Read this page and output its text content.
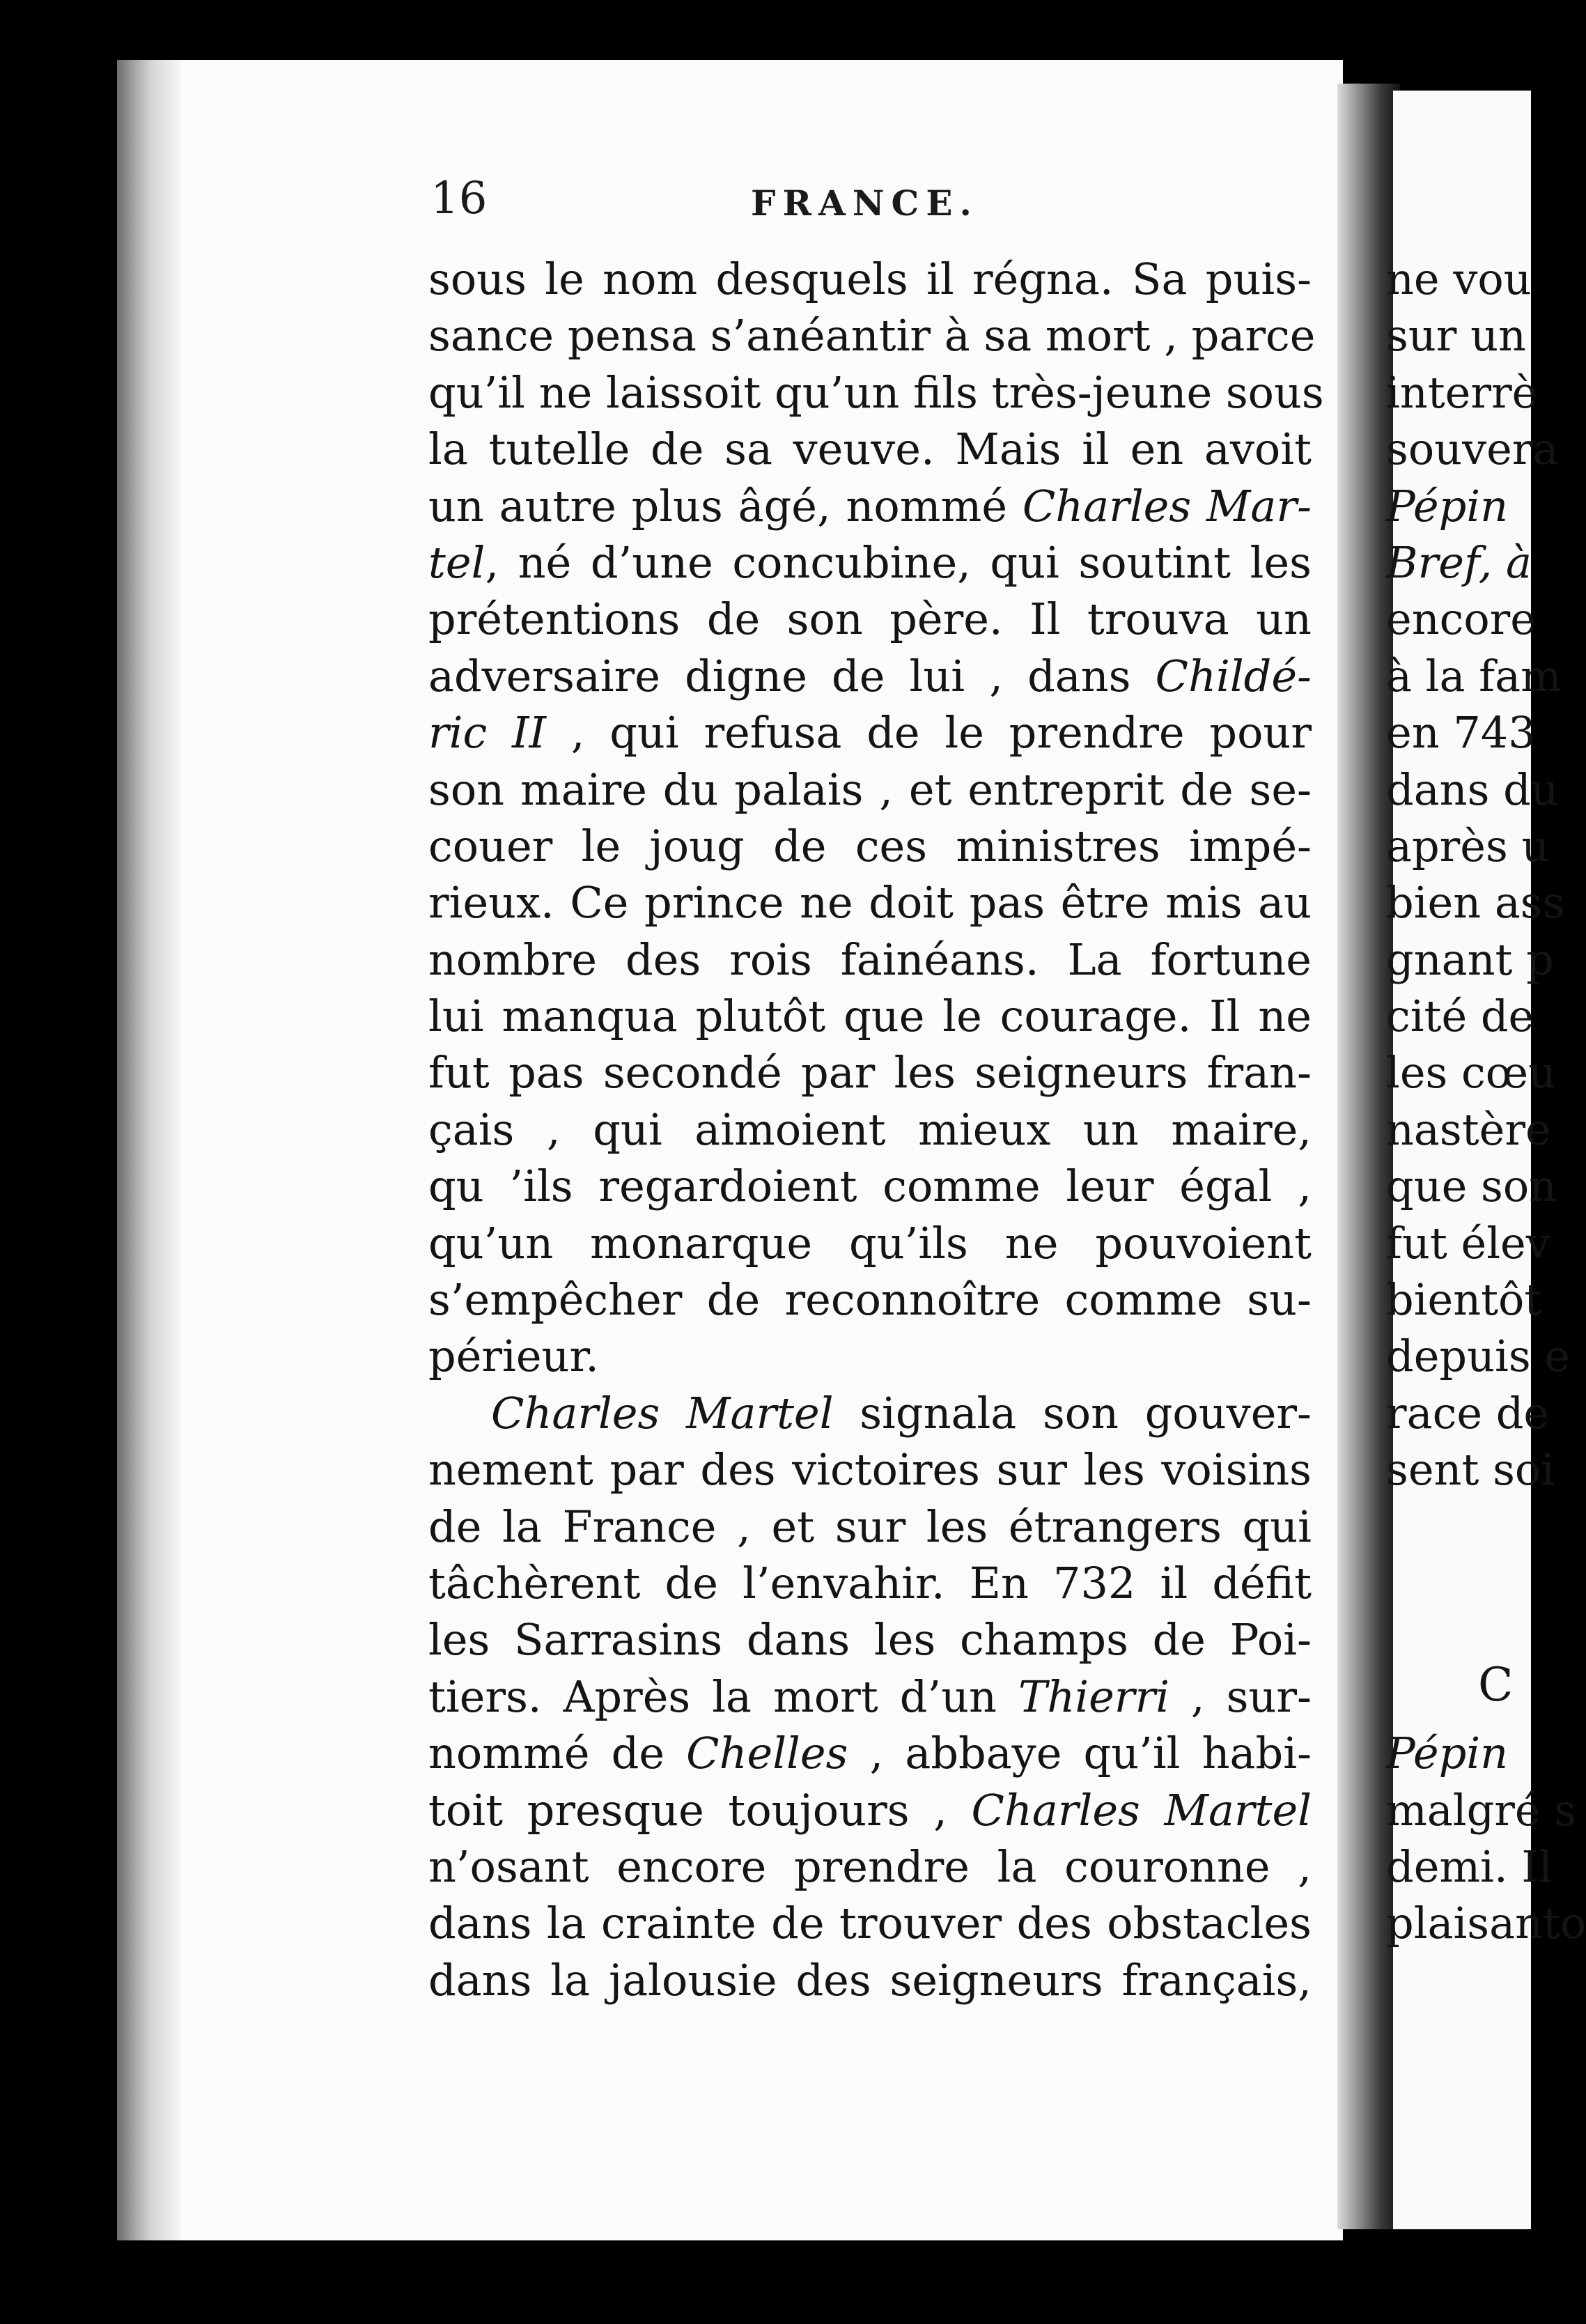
16	FRANCE.
sous le nom desquels il régna. Sa puis-
sance pensa s’anéantir à sa mort , parce
qu’il ne laissoit qu’un fils très-jeune sous
la tutelle de sa veuve. Mais il en avoit
un autre plus âgé, nommé Charles Mar-
tel, né d’une concubine, qui soutint les
prétentions de son père. Il trouva un
adversaire digne de lui , dans Childé-
ric II , qui refusa de le prendre pour
son maire du palais , et entreprit de se-
couer le joug de ces ministres impé-
rieux. Ce prince ne doit pas être mis au
nombre des rois fainéans. La fortune
lui manqua plutôt que le courage. Il ne
fut pas secondé par les seigneurs fran-
çais , qui aimoient mieux un maire,
qu ’ils regardoient comme leur égal ,
qu’un monarque qu’ils ne pouvoient
s’empêcher de reconnoître comme su-
périeur.
Charles Martel signala son gouver-
nement par des victoires sur les voisins
de la France , et sur les étrangers qui
tâchèrent de l’envahir. En 732 il défit
les Sarrasins dans les champs de Poi-
tiers. Après la mort d’un Thierri , sur-
nommé de Chelles , abbaye qu’il habi-
toit presque toujours , Charles Martel
n’osant encore prendre la couronne ,
dans la crainte de trouver des obstacles
dans la jalousie des seigneurs français,
ne vou
sur un
interrè
souvera
Pépin
Bref, à
encore
à la fam
en 743
dans du
après u
bien ass
gnant p
cité de
les cœu
nastère
que son
fut élev
bientôt
depuis e
race de
sent soi
Pépin
malgré s
demi. Il
plaisanto
C
